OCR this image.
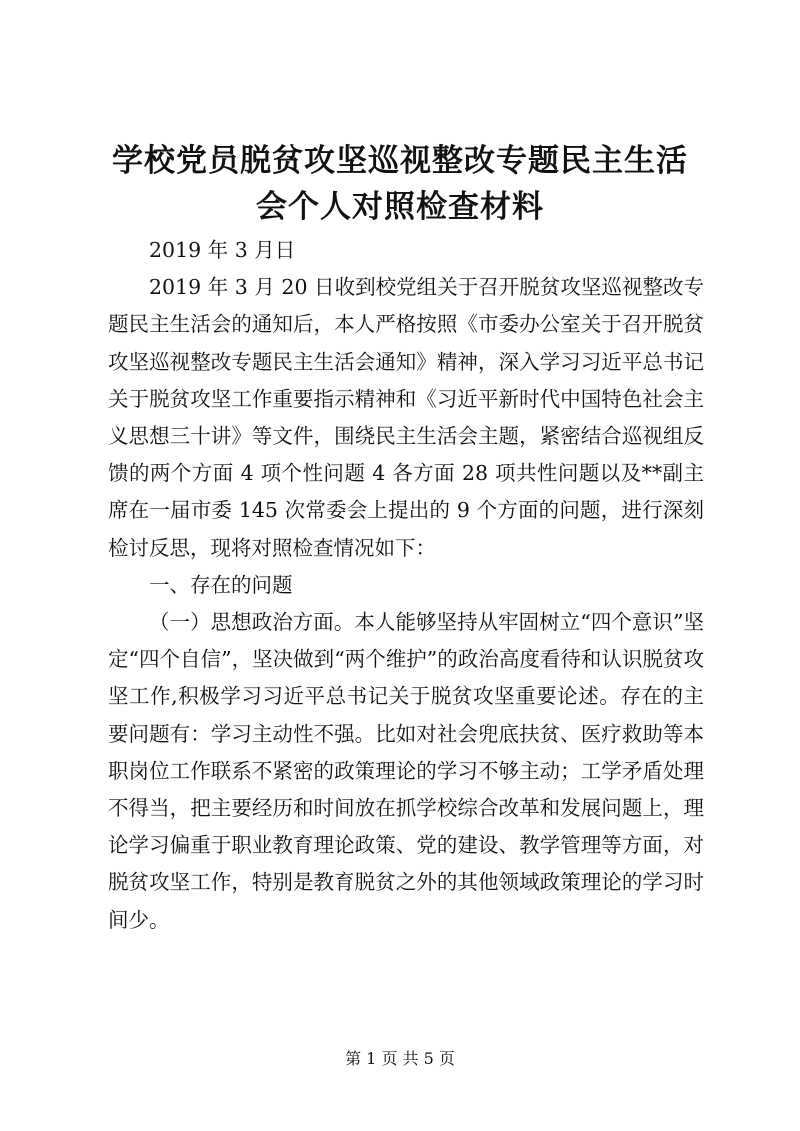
学校党员脱贫攻坚巡视整改专题民主生活会个人对照检查材料

2019 年 3 月日

2019 年 3 月 20 日收到校党组关于召开脱贫攻坚巡视整改专题民主生活会的通知后，本人严格按照《市委办公室关于召开脱贫攻坚巡视整改专题民主生活会通知》精神，深入学习习近平总书记关于脱贫攻坚工作重要指示精神和《习近平新时代中国特色社会主义思想三十讲》等文件，围绕民主生活会主题，紧密结合巡视组反馈的两个方面 4 项个性问题 4 各方面 28 项共性问题以及**副主席在一届市委 145 次常委会上提出的 9 个方面的问题，进行深刻检讨反思，现将对照检查情况如下：

一、存在的问题

（一）思想政治方面。本人能够坚持从牢固树立“四个意识”坚定“四个自信”，坚决做到“两个维护”的政治高度看待和认识脱贫攻坚工作,积极学习习近平总书记关于脱贫攻坚重要论述。存在的主要问题有：学习主动性不强。比如对社会兜底扶贫、医疗救助等本职岗位工作联系不紧密的政策理论的学习不够主动；工学矛盾处理不得当，把主要经历和时间放在抓学校综合改革和发展问题上，理论学习偏重于职业教育理论政策、党的建设、教学管理等方面，对脱贫攻坚工作，特别是教育脱贫之外的其他领域政策理论的学习时间少。

第 1 页 共 5 页
